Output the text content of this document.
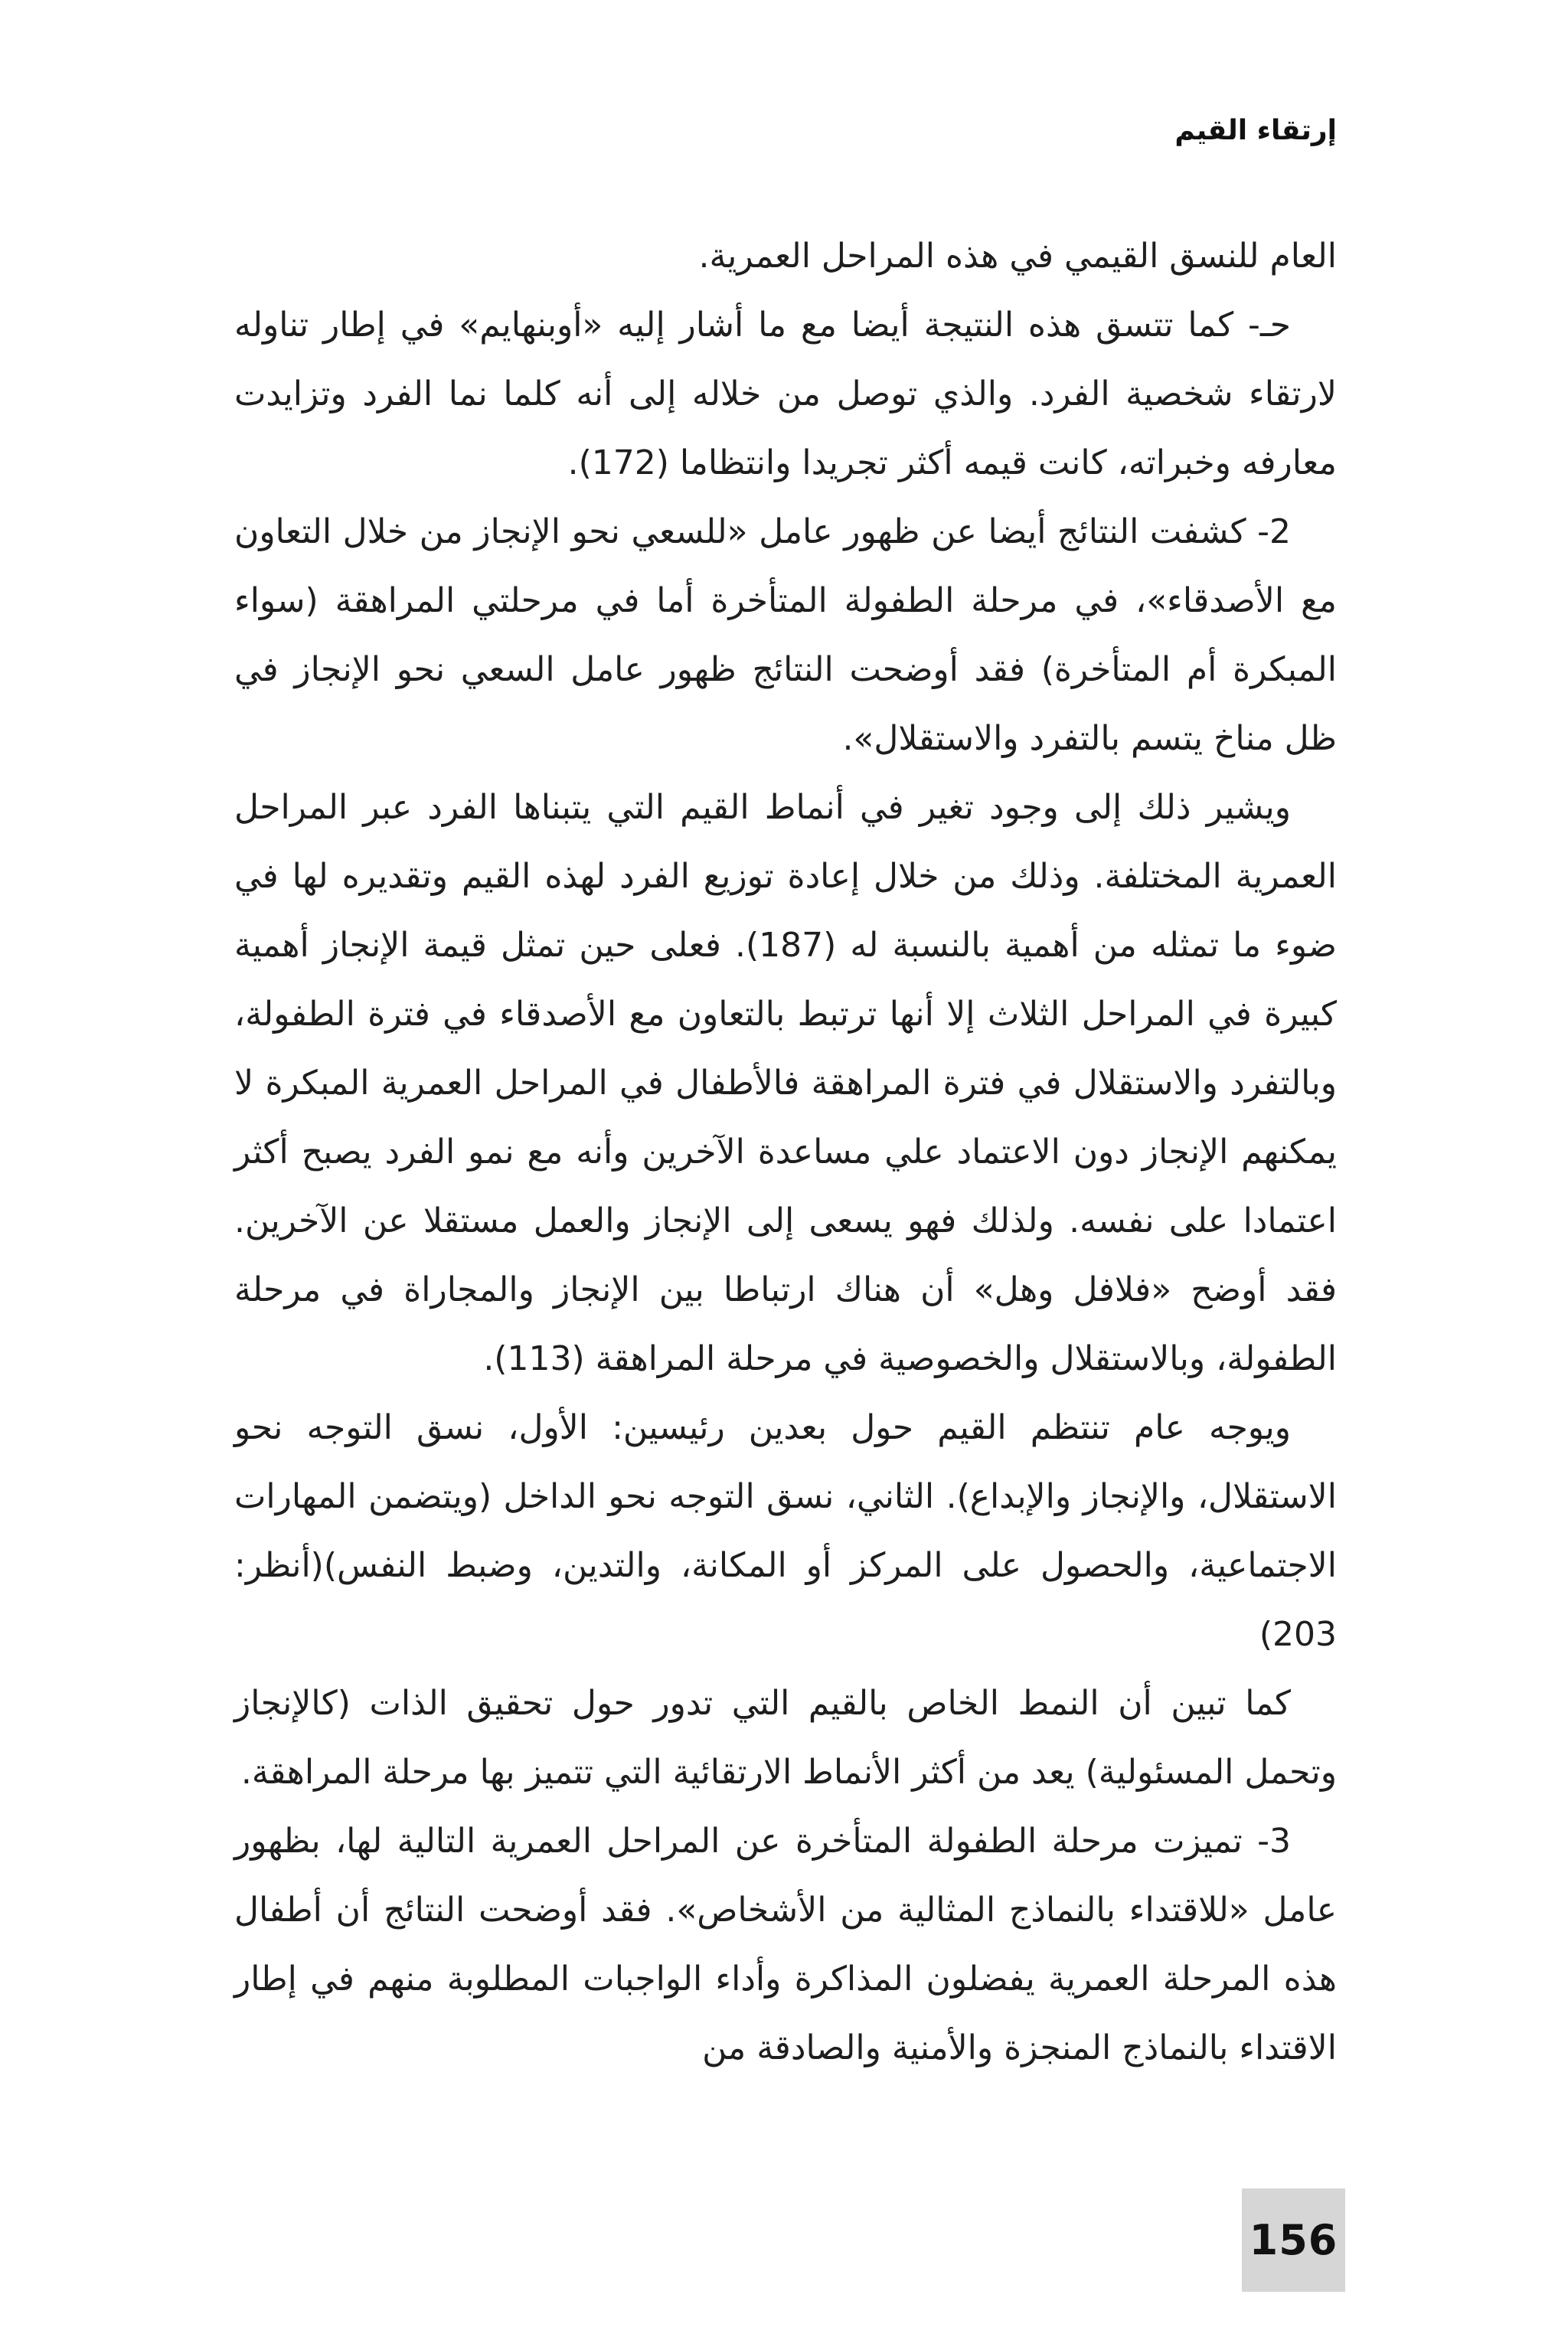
إرتقاء القيم

العام للنسق القيمي في هذه المراحل العمرية.

حـ- كما تتسق هذه النتيجة أيضا مع ما أشار إليه «أوبنهايم» في إطار تناوله لارتقاء شخصية الفرد. والذي توصل من خلاله إلى أنه كلما نما الفرد وتزايدت معارفه وخبراته، كانت قيمه أكثر تجريدا وانتظاما (172).

2- كشفت النتائج أيضا عن ظهور عامل «للسعي نحو الإنجاز من خلال التعاون مع الأصدقاء»، في مرحلة الطفولة المتأخرة أما في مرحلتي المراهقة (سواء المبكرة أم المتأخرة) فقد أوضحت النتائج ظهور عامل السعي نحو الإنجاز في ظل مناخ يتسم بالتفرد والاستقلال».

ويشير ذلك إلى وجود تغير في أنماط القيم التي يتبناها الفرد عبر المراحل العمرية المختلفة. وذلك من خلال إعادة توزيع الفرد لهذه القيم وتقديره لها في ضوء ما تمثله من أهمية بالنسبة له (187). فعلى حين تمثل قيمة الإنجاز أهمية كبيرة في المراحل الثلاث إلا أنها ترتبط بالتعاون مع الأصدقاء في فترة الطفولة، وبالتفرد والاستقلال في فترة المراهقة فالأطفال في المراحل العمرية المبكرة لا يمكنهم الإنجاز دون الاعتماد علي مساعدة الآخرين وأنه مع نمو الفرد يصبح أكثر اعتمادا على نفسه. ولذلك فهو يسعى إلى الإنجاز والعمل مستقلا عن الآخرين. فقد أوضح «فلافل وهل» أن هناك ارتباطا بين الإنجاز والمجاراة في مرحلة الطفولة، وبالاستقلال والخصوصية في مرحلة المراهقة (113).

ويوجه عام تنتظم القيم حول بعدين رئيسين: الأول، نسق التوجه نحو الاستقلال، والإنجاز والإبداع). الثاني، نسق التوجه نحو الداخل (ويتضمن المهارات الاجتماعية، والحصول على المركز أو المكانة، والتدين، وضبط النفس)(أنظر: 203)

كما تبين أن النمط الخاص بالقيم التي تدور حول تحقيق الذات (كالإنجاز وتحمل المسئولية) يعد من أكثر الأنماط الارتقائية التي تتميز بها مرحلة المراهقة.

3- تميزت مرحلة الطفولة المتأخرة عن المراحل العمرية التالية لها، بظهور عامل «للاقتداء بالنماذج المثالية من الأشخاص». فقد أوضحت النتائج أن أطفال هذه المرحلة العمرية يفضلون المذاكرة وأداء الواجبات المطلوبة منهم في إطار الاقتداء بالنماذج المنجزة والأمنية والصادقة من

156
